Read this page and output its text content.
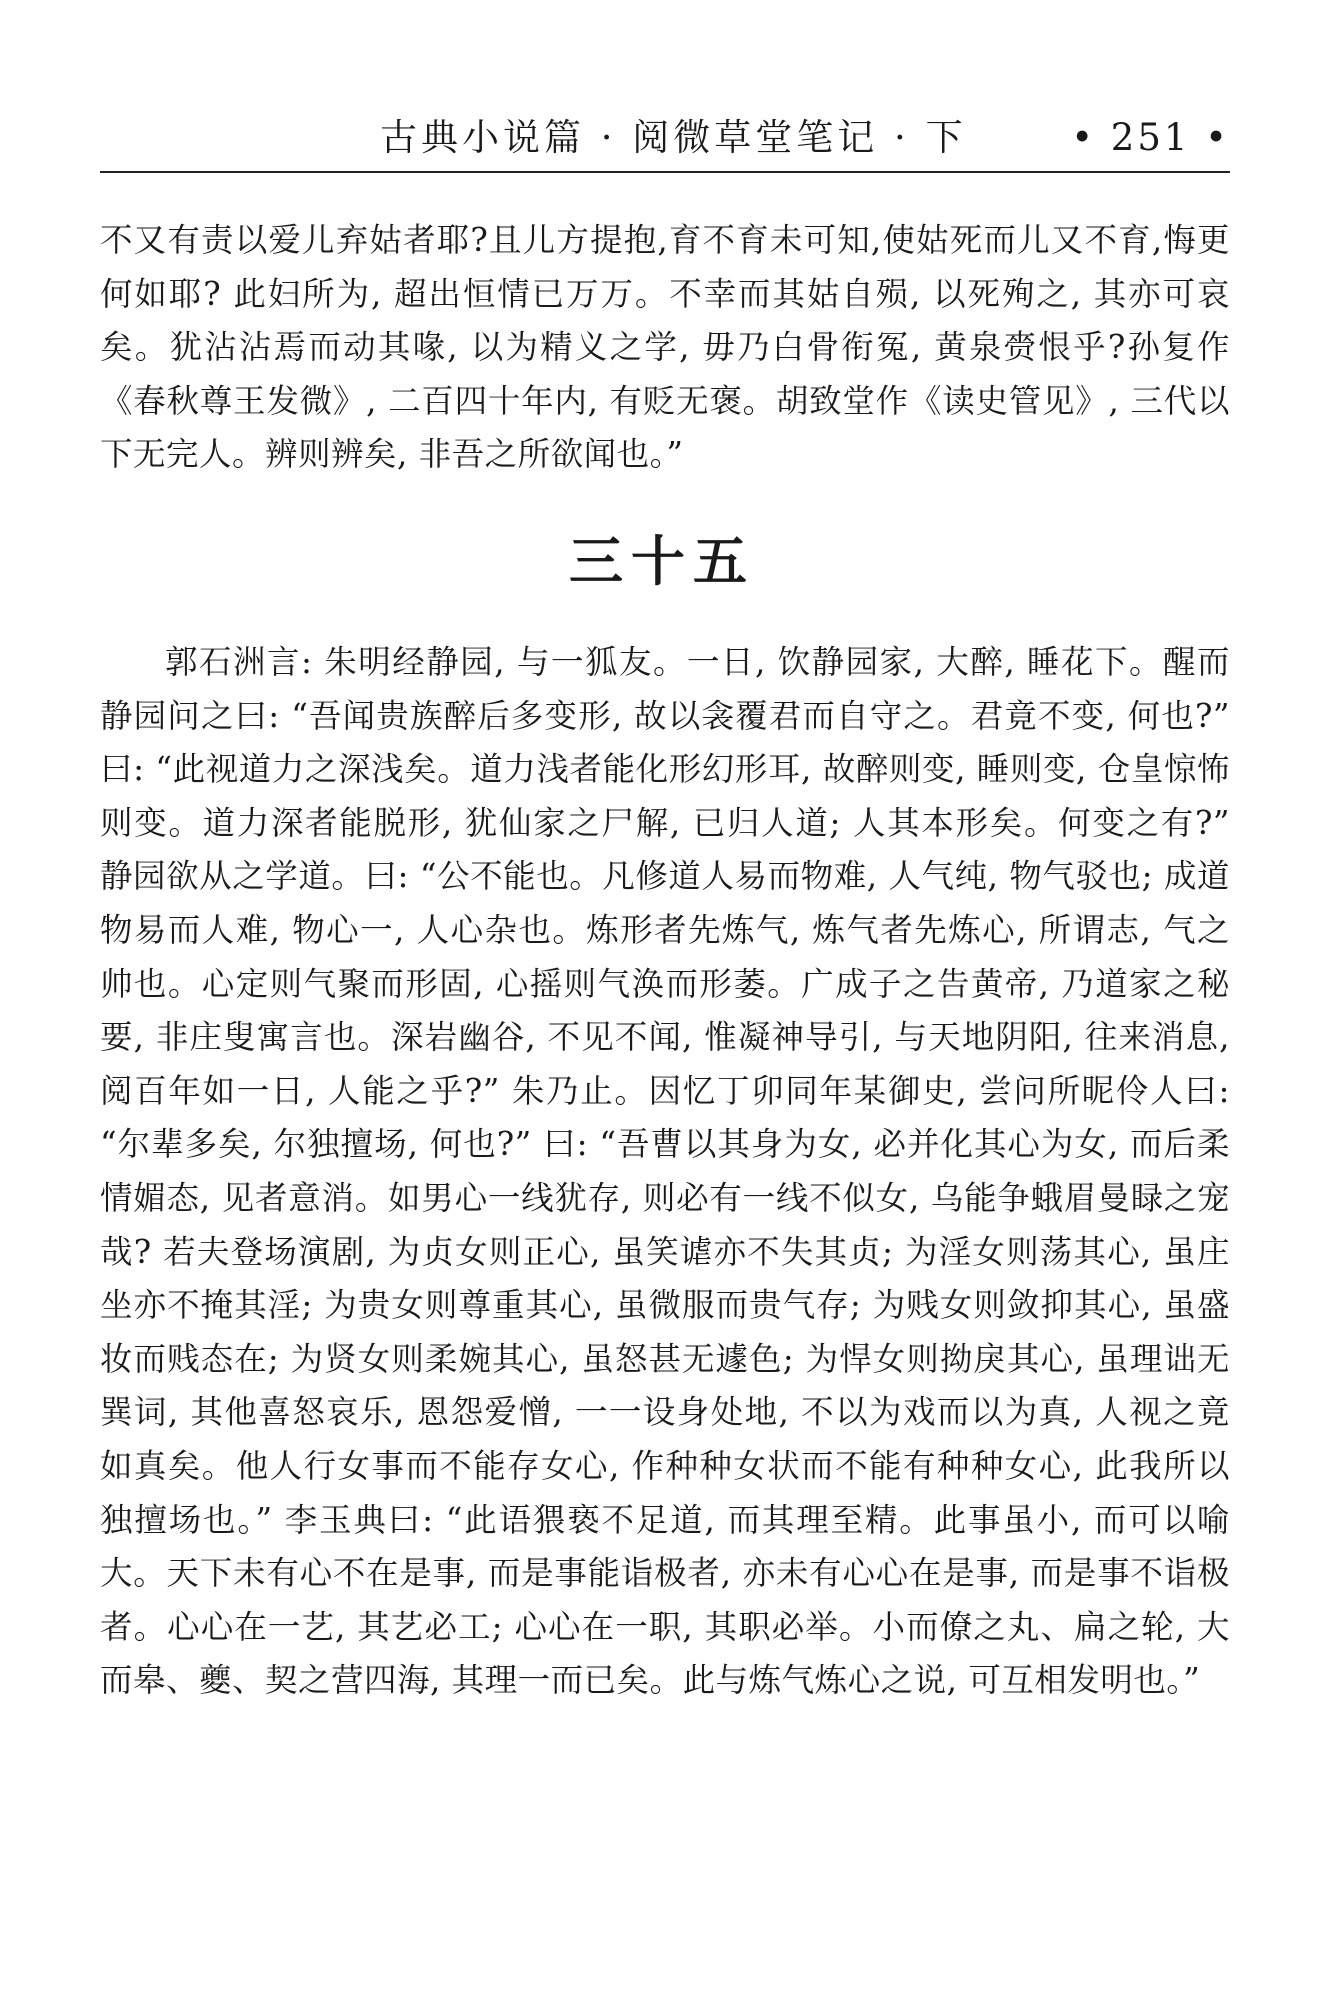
古典小说篇 · 阅微草堂笔记 · 下	• 251 •

不又有责以爱儿弃姑者耶?且儿方提抱,育不育未可知,使姑死而儿又不育,悔更何如耶? 此妇所为, 超出恒情已万万。不幸而其姑自殒, 以死殉之, 其亦可哀矣。犹沾沾焉而动其喙, 以为精义之学, 毋乃白骨衔冤, 黄泉赍恨乎?孙复作《春秋尊王发微》, 二百四十年内, 有贬无褒。胡致堂作《读史管见》, 三代以下无完人。辨则辨矣, 非吾之所欲闻也。”

三十五

郭石洲言: 朱明经静园, 与一狐友。一日, 饮静园家, 大醉, 睡花下。醒而静园问之曰: “吾闻贵族醉后多变形, 故以衾覆君而自守之。君竟不变, 何也?” 曰: “此视道力之深浅矣。道力浅者能化形幻形耳, 故醉则变, 睡则变, 仓皇惊怖则变。道力深者能脱形, 犹仙家之尸解, 已归人道; 人其本形矣。何变之有?” 静园欲从之学道。曰: “公不能也。凡修道人易而物难, 人气纯, 物气驳也; 成道物易而人难, 物心一, 人心杂也。炼形者先炼气, 炼气者先炼心, 所谓志, 气之帅也。心定则气聚而形固, 心摇则气涣而形萎。广成子之告黄帝, 乃道家之秘要, 非庄叟寓言也。深岩幽谷, 不见不闻, 惟凝神导引, 与天地阴阳, 往来消息, 阅百年如一日, 人能之乎?” 朱乃止。因忆丁卯同年某御史, 尝问所昵伶人曰: “尔辈多矣, 尔独擅场, 何也?” 曰: “吾曹以其身为女, 必并化其心为女, 而后柔情媚态, 见者意消。如男心一线犹存, 则必有一线不似女, 乌能争蛾眉曼睩之宠哉? 若夫登场演剧, 为贞女则正心, 虽笑谑亦不失其贞; 为淫女则荡其心, 虽庄坐亦不掩其淫; 为贵女则尊重其心, 虽微服而贵气存; 为贱女则敛抑其心, 虽盛妆而贱态在; 为贤女则柔婉其心, 虽怒甚无遽色; 为悍女则拗戾其心, 虽理诎无巽词, 其他喜怒哀乐, 恩怨爱憎, 一一设身处地, 不以为戏而以为真, 人视之竟如真矣。他人行女事而不能存女心, 作种种女状而不能有种种女心, 此我所以独擅场也。” 李玉典曰: “此语猥亵不足道, 而其理至精。此事虽小, 而可以喻大。天下未有心不在是事, 而是事能诣极者, 亦未有心心在是事, 而是事不诣极者。心心在一艺, 其艺必工; 心心在一职, 其职必举。小而僚之丸、扁之轮, 大而皋、夔、契之营四海, 其理一而已矣。此与炼气炼心之说, 可互相发明也。”
